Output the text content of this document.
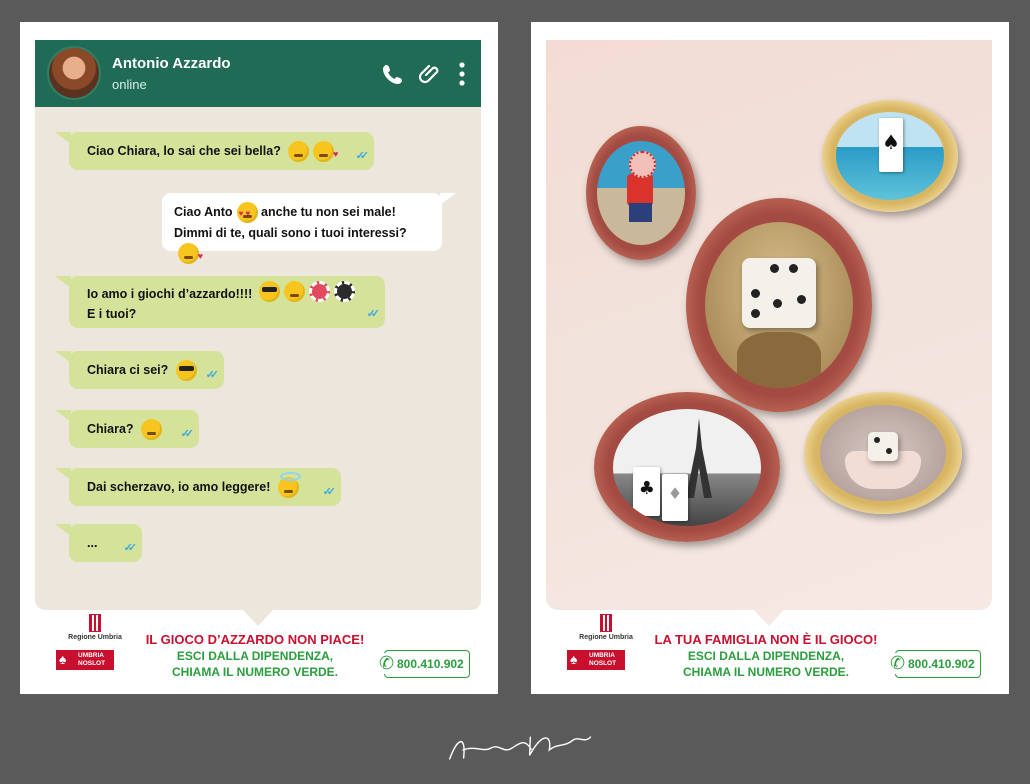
Antonio Azzardo
online
Ciao Chiara, lo sai che sei bella? ♥	✓✓
Ciao Anto ♥ ♥ anche tu non sei male!
Dimmi di te, quali sono i tuoi interessi?♥
Io amo i giochi d’azzardo!!!!
E i tuoi?	✓✓
Chiara ci sei?	✓✓
Chiara?	✓✓
Dai scherzavo, io amo leggere!	✓✓
... ✓✓
Regione Umbria
♠ UMBRIA
NOSLOT
IL GIOCO D’AZZARDO NON PIACE!
ESCI DALLA DIPENDENZA,
CHIAMA IL NUMERO VERDE.	✆ 800.410.902
♠
♣ ♦
Regione Umbria
♠ UMBRIA
NOSLOT
LA TUA FAMIGLIA NON È IL GIOCO!
ESCI DALLA DIPENDENZA,
CHIAMA IL NUMERO VERDE.	✆ 800.410.902
